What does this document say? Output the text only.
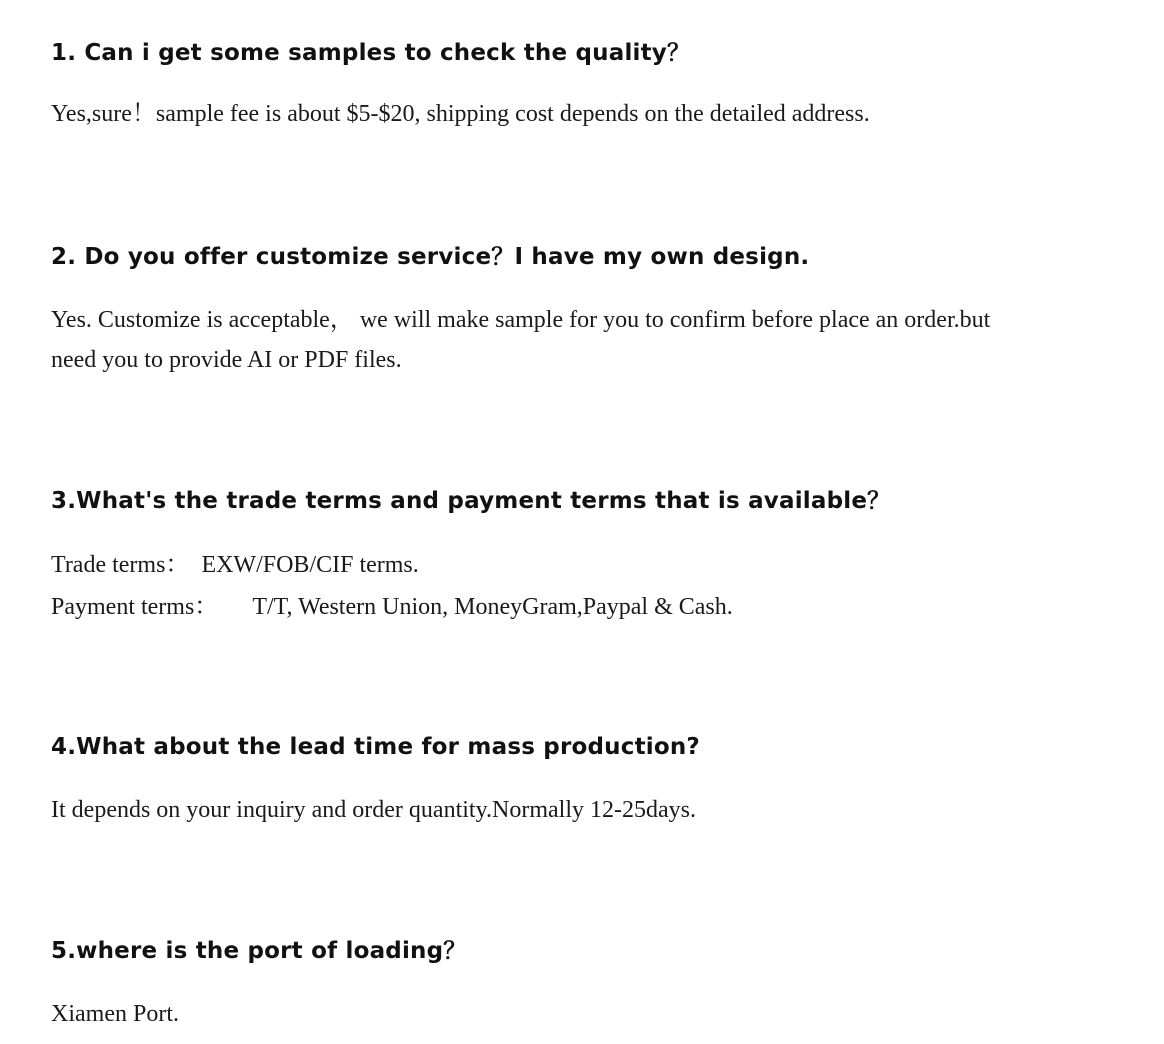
1. Can i get some samples to check the quality？

Yes,sure！sample fee is about $5-$20, shipping cost depends on the detailed address.

2. Do you offer customize service？I have my own design.

Yes. Customize is acceptable， we will make sample for you to confirm before place an order.but
need you to provide AI or PDF files.

3.What's the trade terms and payment terms that is available？

Trade terms： EXW/FOB/CIF terms.
Payment terms： T/T, Western Union, MoneyGram,Paypal & Cash.

4.What about the lead time for mass production?

It depends on your inquiry and order quantity.Normally 12-25days.

5.where is the port of loading？

Xiamen Port.
